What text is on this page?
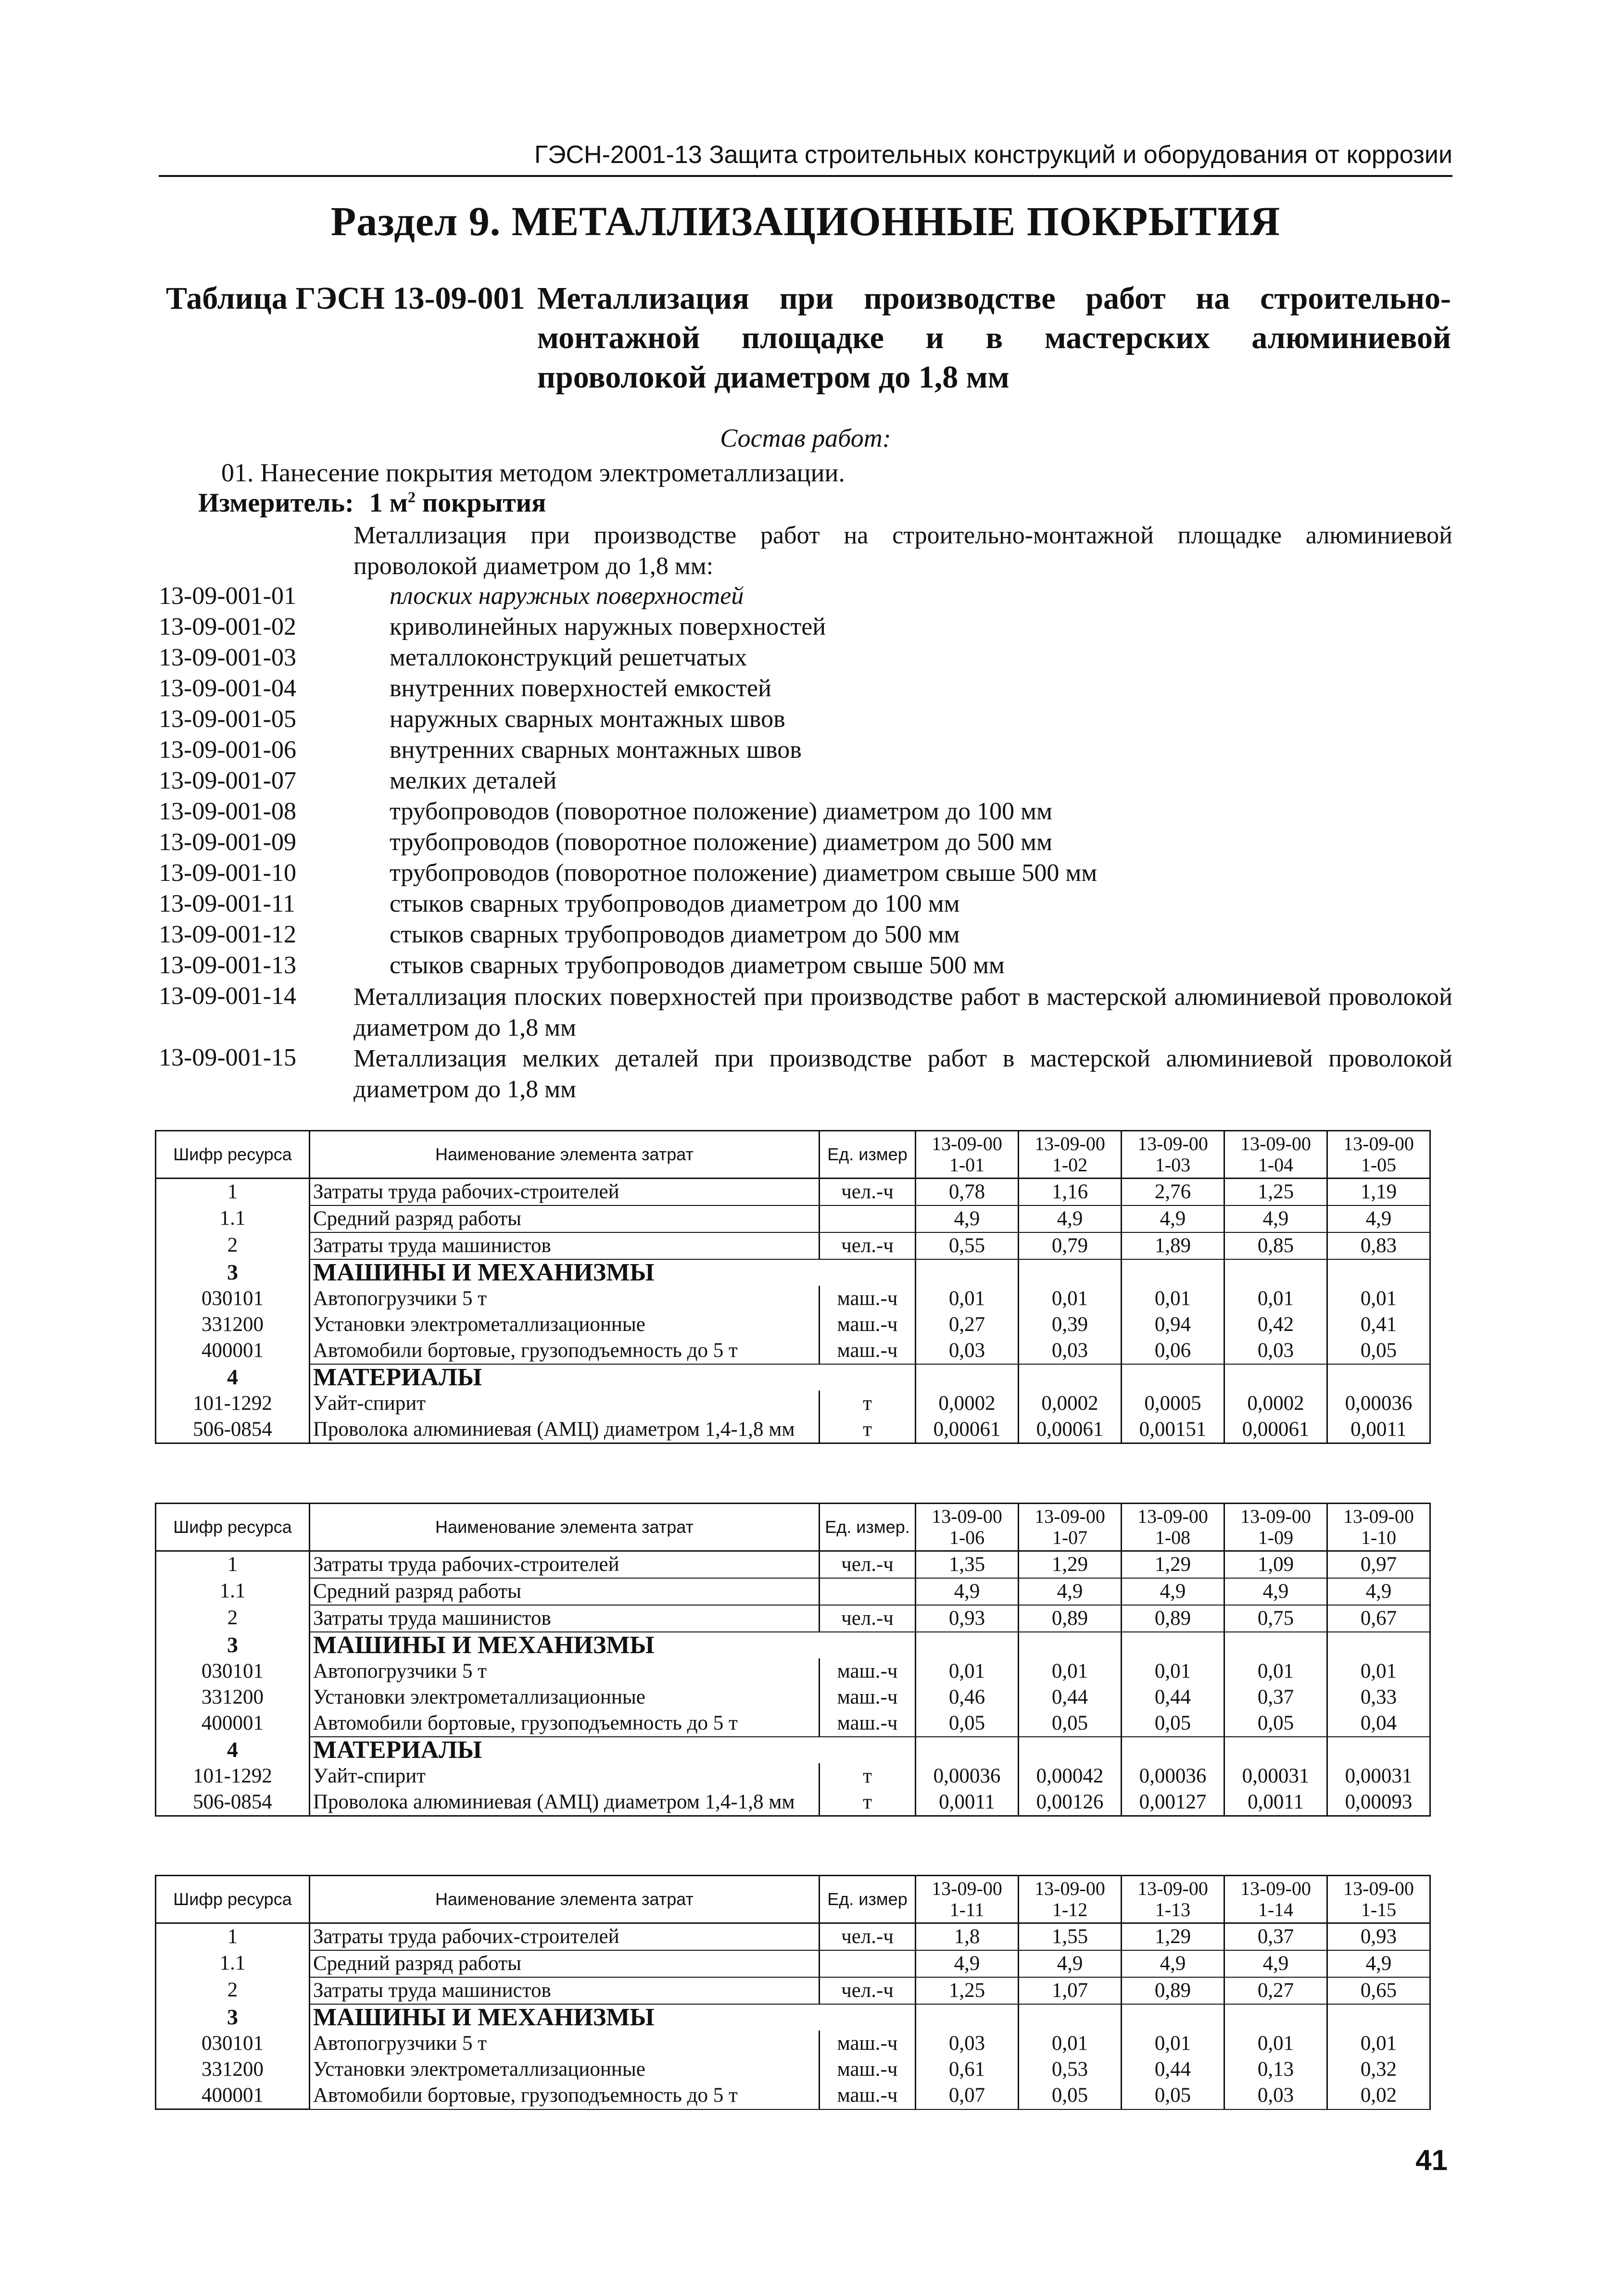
ГЭСН-2001-13 Защита строительных конструкций и оборудования от коррозии
Раздел 9. МЕТАЛЛИЗАЦИОННЫЕ ПОКРЫТИЯ
Таблица ГЭСН 13-09-001 Металлизация при производстве работ на строительно-монтажной площадке и в мастерских алюминиевой проволокой диаметром до 1,8 мм
Состав работ:
01. Нанесение покрытия методом электрометаллизации.
Измеритель: 1 $м^2$ покрытия
Металлизация при производстве работ на строительно-монтажной площадке алюминиевой проволокой диаметром до 1,8 мм:
13-09-001-01	плоских наружных поверхностей
13-09-001-02	криволинейных наружных поверхностей
13-09-001-03	металлоконструкций решетчатых
13-09-001-04	внутренних поверхностей емкостей
13-09-001-05	наружных сварных монтажных швов
13-09-001-06	внутренних сварных монтажных швов
13-09-001-07	мелких деталей
13-09-001-08	трубопроводов (поворотное положение) диаметром до 100 мм
13-09-001-09	трубопроводов (поворотное положение) диаметром до 500 мм
13-09-001-10	трубопроводов (поворотное положение) диаметром свыше 500 мм
13-09-001-11	стыков сварных трубопроводов диаметром до 100 мм
13-09-001-12	стыков сварных трубопроводов диаметром до 500 мм
13-09-001-13	стыков сварных трубопроводов диаметром свыше 500 мм
13-09-001-14	Металлизация плоских поверхностей при производстве работ в мастерской алюминиевой проволокой диаметром до 1,8 мм
13-09-001-15	Металлизация мелких деталей при производстве работ в мастерской алюминиевой проволокой диаметром до 1,8 мм
Шифр ресурса	Наименование элемента затрат	Ед. измер	13-09-001-01	13-09-001-02	13-09-001-03	13-09-001-04	13-09-001-05
1	Затраты труда рабочих-строителей	чел.-ч	0,78	1,16	2,76	1,25	1,19
1.1	Средний разряд работы		4,9	4,9	4,9	4,9	4,9
2	Затраты труда машинистов	чел.-ч	0,55	0,79	1,89	0,85	0,83
3	МАШИНЫ И МЕХАНИЗМЫ						
030101	Автопогрузчики 5 т	маш.-ч	0,01	0,01	0,01	0,01	0,01
331200	Установки электрометаллизационные	маш.-ч	0,27	0,39	0,94	0,42	0,41
400001	Автомобили бортовые, грузоподъемность до 5 т	маш.-ч	0,03	0,03	0,06	0,03	0,05
4	МАТЕРИАЛЫ						
101-1292	Уайт-спирит	т	0,0002	0,0002	0,0005	0,0002	0,00036
506-0854	Проволока алюминиевая (АМЦ) диаметром 1,4-1,8 мм	т	0,00061	0,00061	0,00151	0,00061	0,0011
Шифр ресурса	Наименование элемента затрат	Ед. измер.	13-09-001-06	13-09-001-07	13-09-001-08	13-09-001-09	13-09-001-10
1	Затраты труда рабочих-строителей	чел.-ч	1,35	1,29	1,29	1,09	0,97
1.1	Средний разряд работы		4,9	4,9	4,9	4,9	4,9
2	Затраты труда машинистов	чел.-ч	0,93	0,89	0,89	0,75	0,67
3	МАШИНЫ И МЕХАНИЗМЫ						
030101	Автопогрузчики 5 т	маш.-ч	0,01	0,01	0,01	0,01	0,01
331200	Установки электрометаллизационные	маш.-ч	0,46	0,44	0,44	0,37	0,33
400001	Автомобили бортовые, грузоподъемность до 5 т	маш.-ч	0,05	0,05	0,05	0,05	0,04
4	МАТЕРИАЛЫ						
101-1292	Уайт-спирит	т	0,00036	0,00042	0,00036	0,00031	0,00031
506-0854	Проволока алюминиевая (АМЦ) диаметром 1,4-1,8 мм	т	0,0011	0,00126	0,00127	0,0011	0,00093
Шифр ресурса	Наименование элемента затрат	Ед. измер	13-09-001-11	13-09-001-12	13-09-001-13	13-09-001-14	13-09-001-15
1	Затраты труда рабочих-строителей	чел.-ч	1,8	1,55	1,29	0,37	0,93
1.1	Средний разряд работы		4,9	4,9	4,9	4,9	4,9
2	Затраты труда машинистов	чел.-ч	1,25	1,07	0,89	0,27	0,65
3	МАШИНЫ И МЕХАНИЗМЫ						
030101	Автопогрузчики 5 т	маш.-ч	0,03	0,01	0,01	0,01	0,01
331200	Установки электрометаллизационные	маш.-ч	0,61	0,53	0,44	0,13	0,32
400001	Автомобили бортовые, грузоподъемность до 5 т	маш.-ч	0,07	0,05	0,05	0,03	0,02
41
